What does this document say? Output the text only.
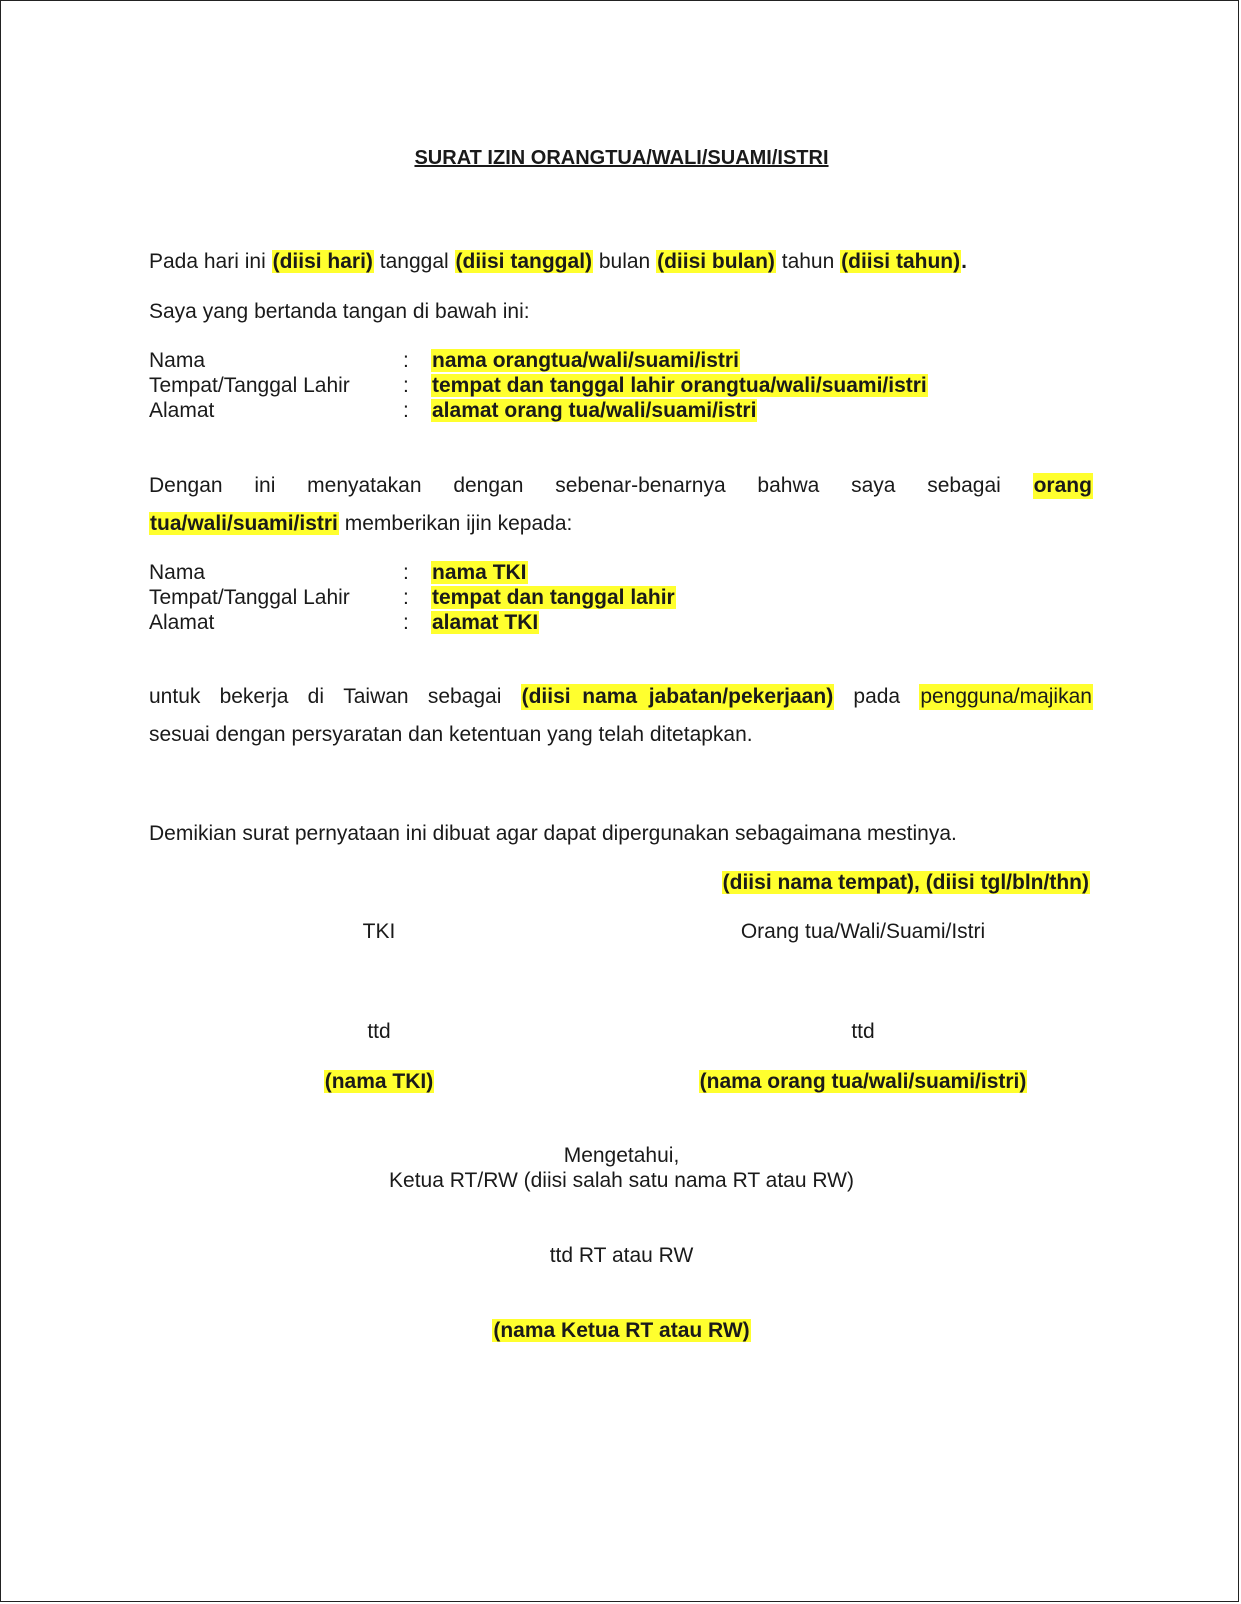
SURAT IZIN ORANGTUA/WALI/SUAMI/ISTRI
Pada hari ini (diisi hari) tanggal (diisi tanggal) bulan (diisi bulan) tahun (diisi tahun).
Saya yang bertanda tangan di bawah ini:
Nama	: nama orangtua/wali/suami/istri
Tempat/Tanggal Lahir	: tempat dan tanggal lahir orangtua/wali/suami/istri
Alamat	: alamat orang tua/wali/suami/istri
Dengan ini menyatakan dengan sebenar-benarnya bahwa saya sebagai orang
tua/wali/suami/istri memberikan ijin kepada:
Nama	: nama TKI
Tempat/Tanggal Lahir	: tempat dan tanggal lahir
Alamat	: alamat TKI
untuk bekerja di Taiwan sebagai (diisi  nama  jabatan/pekerjaan) pada pengguna/majikan
sesuai dengan persyaratan dan ketentuan yang telah ditetapkan.
Demikian surat pernyataan ini dibuat agar dapat dipergunakan sebagaimana mestinya.
(diisi nama tempat), (diisi tgl/bln/thn)
TKI	Orang tua/Wali/Suami/Istri
ttd	ttd
(nama TKI)	(nama orang tua/wali/suami/istri)
Mengetahui,
Ketua RT/RW (diisi salah satu nama RT atau RW)
ttd RT atau RW
(nama Ketua RT atau RW)
